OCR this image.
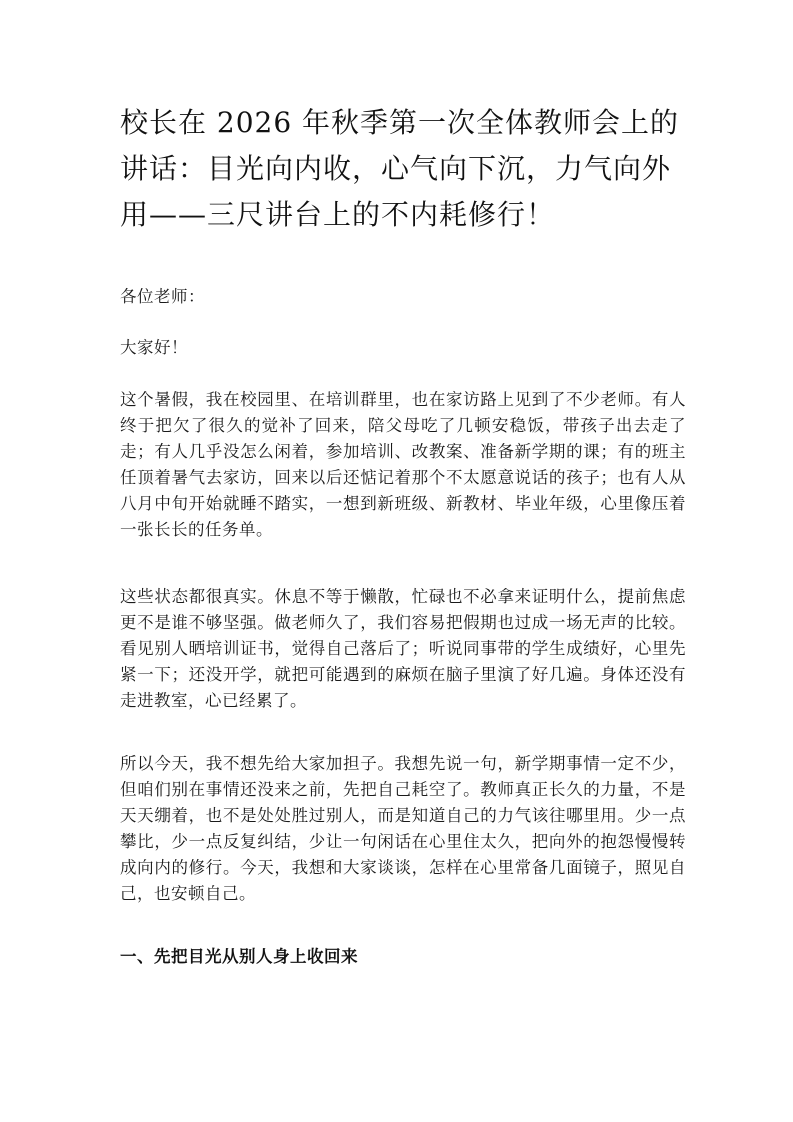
校长在 2026 年秋季第一次全体教师会上的讲话：目光向内收，心气向下沉，力气向外用——三尺讲台上的不内耗修行！

各位老师：

大家好！

这个暑假，我在校园里、在培训群里，也在家访路上见到了不少老师。有人终于把欠了很久的觉补了回来，陪父母吃了几顿安稳饭，带孩子出去走了走；有人几乎没怎么闲着，参加培训、改教案、准备新学期的课；有的班主任顶着暑气去家访，回来以后还惦记着那个不太愿意说话的孩子；也有人从八月中旬开始就睡不踏实，一想到新班级、新教材、毕业年级，心里像压着一张长长的任务单。

这些状态都很真实。休息不等于懒散，忙碌也不必拿来证明什么，提前焦虑更不是谁不够坚强。做老师久了，我们容易把假期也过成一场无声的比较。看见别人晒培训证书，觉得自己落后了；听说同事带的学生成绩好，心里先紧一下；还没开学，就把可能遇到的麻烦在脑子里演了好几遍。身体还没有走进教室，心已经累了。

所以今天，我不想先给大家加担子。我想先说一句，新学期事情一定不少，但咱们别在事情还没来之前，先把自己耗空了。教师真正长久的力量，不是天天绷着，也不是处处胜过别人，而是知道自己的力气该往哪里用。少一点攀比，少一点反复纠结，少让一句闲话在心里住太久，把向外的抱怨慢慢转成向内的修行。今天，我想和大家谈谈，怎样在心里常备几面镜子，照见自己，也安顿自己。

一、先把目光从别人身上收回来
